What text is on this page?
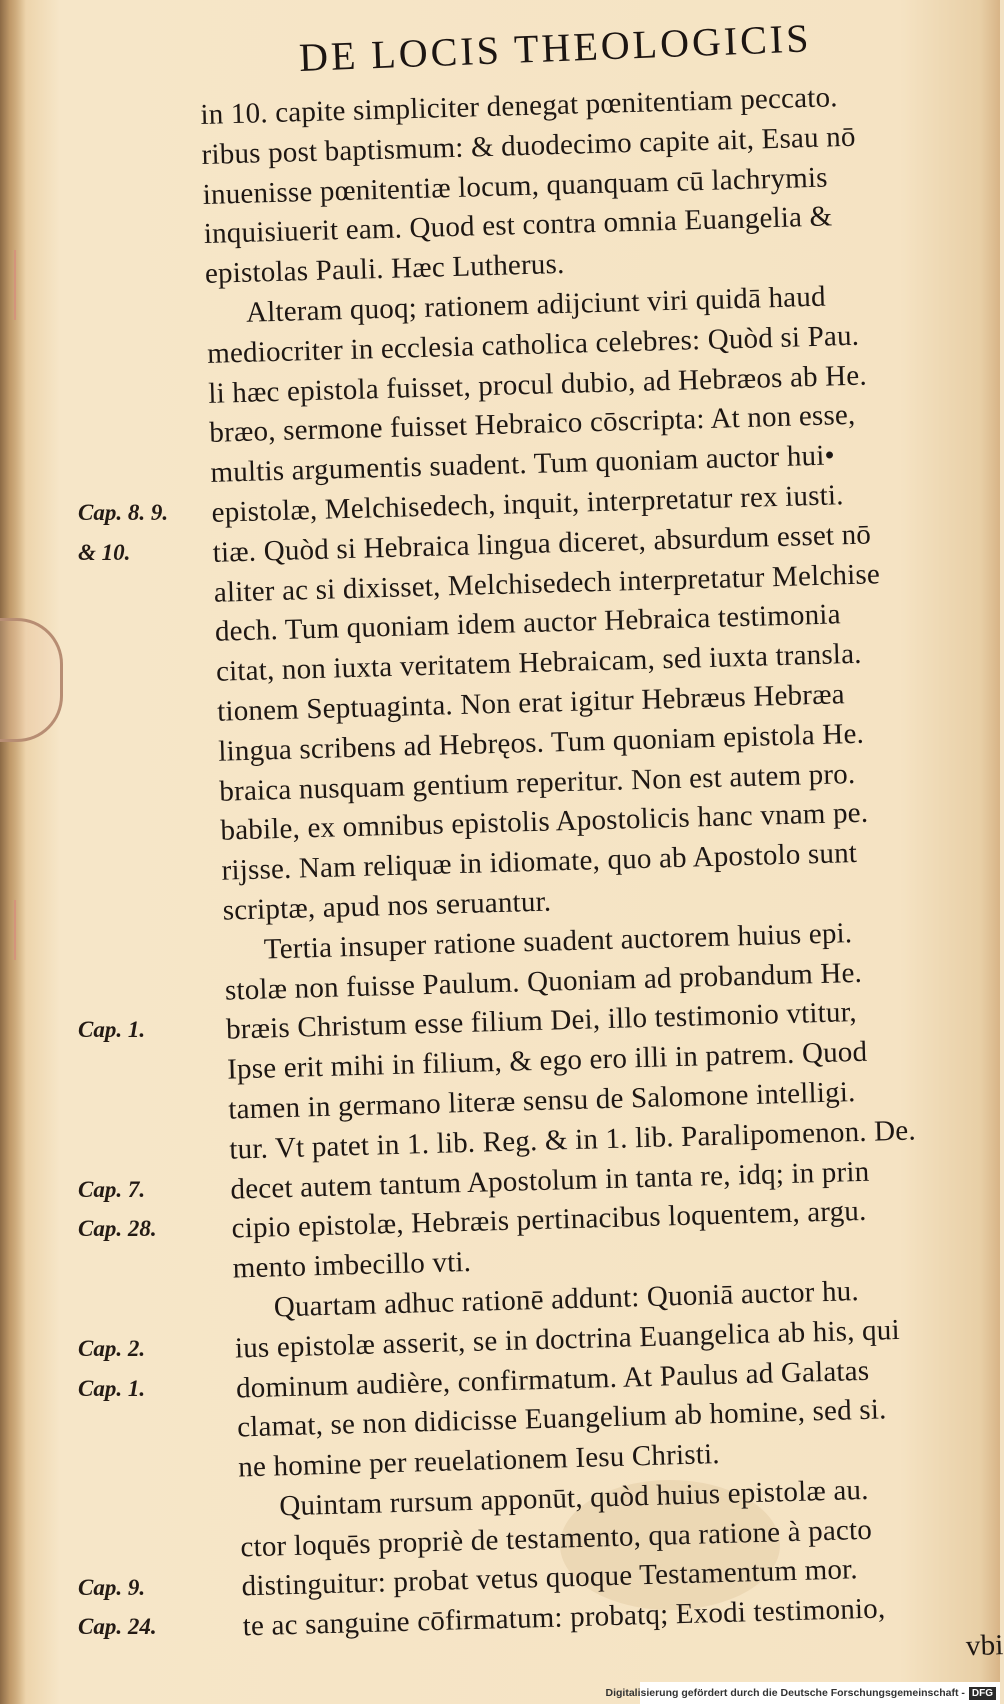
DE LOCIS THEOLOGICIS
in 10. capite simpliciter denegat pœnitentiam peccato.
ribus post baptismum: & duodecimo capite ait, Esau nō
inuenisse pœnitentiæ locum, quanquam cū lachrymis
inquisiuerit eam. Quod est contra omnia Euangelia &
epistolas Pauli. Hæc Lutherus.
Alteram quoq; rationem adijciunt viri quidā haud
mediocriter in ecclesia catholica celebres: Quòd si Pau.
li hæc epistola fuisset, procul dubio, ad Hebræos ab He.
bræo, sermone fuisset Hebraico cōscripta: At non esse,
multis argumentis suadent. Tum quoniam auctor hui•
epistolæ, Melchisedech, inquit, interpretatur rex iusti.
tiæ. Quòd si Hebraica lingua diceret, absurdum esset nō
aliter ac si dixisset, Melchisedech interpretatur Melchise
dech. Tum quoniam idem auctor Hebraica testimonia
citat, non iuxta veritatem Hebraicam, sed iuxta transla.
tionem Septuaginta. Non erat igitur Hebræus Hebræa
lingua scribens ad Hebręos. Tum quoniam epistola He.
braica nusquam gentium reperitur. Non est autem pro.
babile, ex omnibus epistolis Apostolicis hanc vnam pe.
rijsse. Nam reliquæ in idiomate, quo ab Apostolo sunt
scriptæ, apud nos seruantur.
Tertia insuper ratione suadent auctorem huius epi.
stolæ non fuisse Paulum. Quoniam ad probandum He.
bræis Christum esse filium Dei, illo testimonio vtitur,
Ipse erit mihi in filium, & ego ero illi in patrem. Quod
tamen in germano literæ sensu de Salomone intelligi.
tur. Vt patet in 1. lib. Reg. & in 1. lib. Paralipomenon. De.
decet autem tantum Apostolum in tanta re, idq; in prin
cipio epistolæ, Hebræis pertinacibus loquentem, argu.
mento imbecillo vti.
Quartam adhuc rationē addunt: Quoniā auctor hu.
ius epistolæ asserit, se in doctrina Euangelica ab his, qui
dominum audière, confirmatum. At Paulus ad Galatas
clamat, se non didicisse Euangelium ab homine, sed si.
ne homine per reuelationem Iesu Christi.
Quintam rursum apponūt, quòd huius epistolæ au.
ctor loquēs propriè de testamento, qua ratione à pacto
distinguitur: probat vetus quoque Testamentum mor.
te ac sanguine cōfirmatum: probatq; Exodi testimonio,
vbi
Cap. 8. 9.
& 10.
Cap. 1.
Cap. 7.
Cap. 28.
Cap. 2.
Cap. 1.
Cap. 9.
Cap. 24.
Digitalisierung gefördert durch die Deutsche Forschungsgemeinschaft - DFG
